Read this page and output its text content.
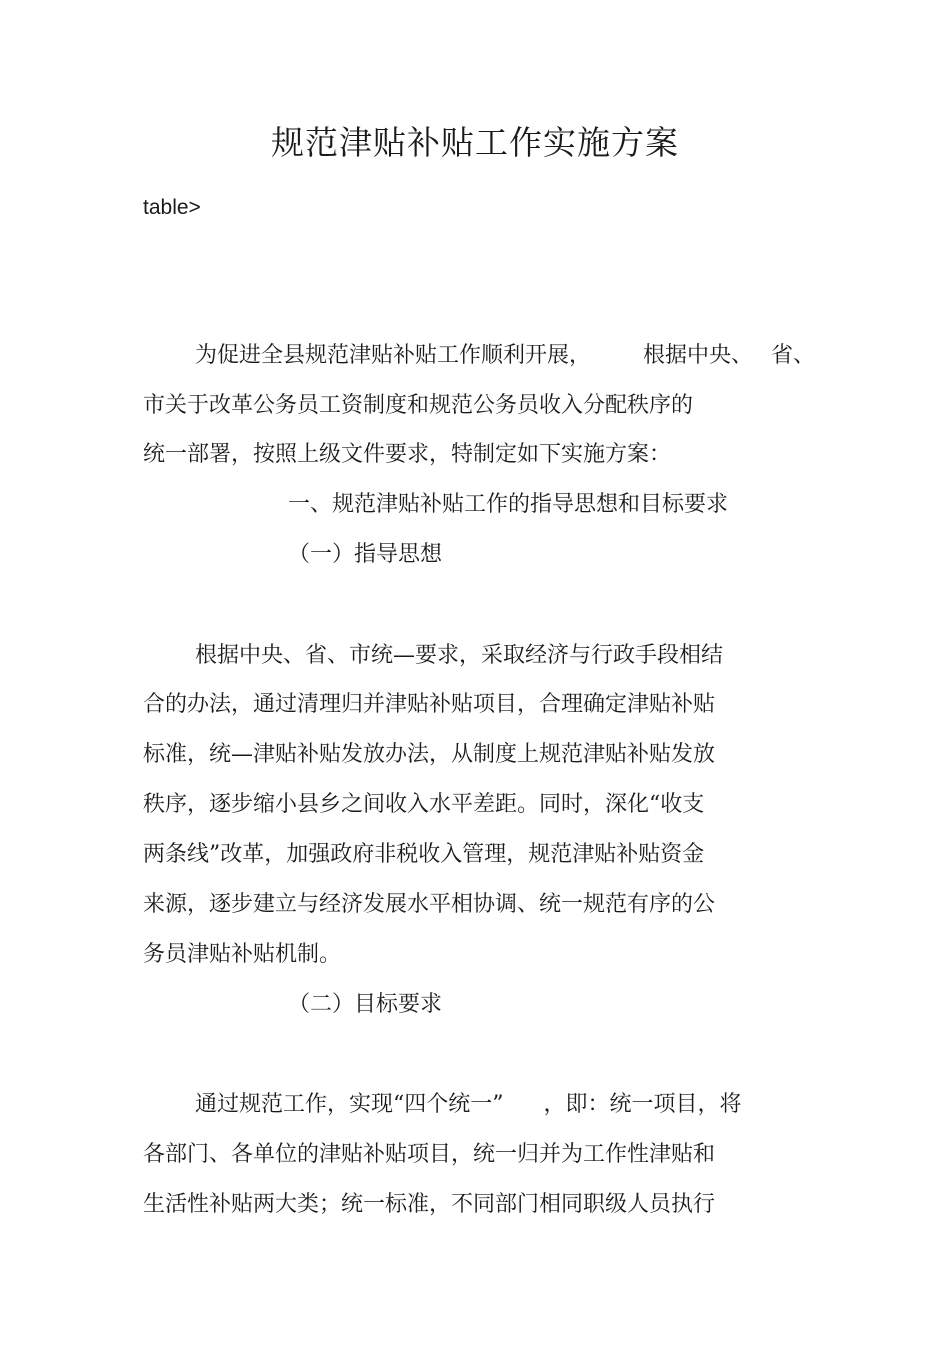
规范津贴补贴工作实施方案
table>
为促进全县规范津贴补贴工作顺利开展， 根据中央、 省、
市关于改革公务员工资制度和规范公务员收入分配秩序的
统一部署，按照上级文件要求，特制定如下实施方案：
一、规范津贴补贴工作的指导思想和目标要求
（一）指导思想
根据中央、省、市统—要求，采取经济与行政手段相结
合的办法，通过清理归并津贴补贴项目，合理确定津贴补贴
标准，统—津贴补贴发放办法，从制度上规范津贴补贴发放
秩序，逐步缩小县乡之间收入水平差距。同时，深化“收支
两条线”改革，加强政府非税收入管理，规范津贴补贴资金
来源，逐步建立与经济发展水平相协调、统一规范有序的公
务员津贴补贴机制。
（二）目标要求
通过规范工作，实现“四个统一” ，即：统一项目，将
各部门、各单位的津贴补贴项目，统一归并为工作性津贴和
生活性补贴两大类；统一标准，不同部门相同职级人员执行
